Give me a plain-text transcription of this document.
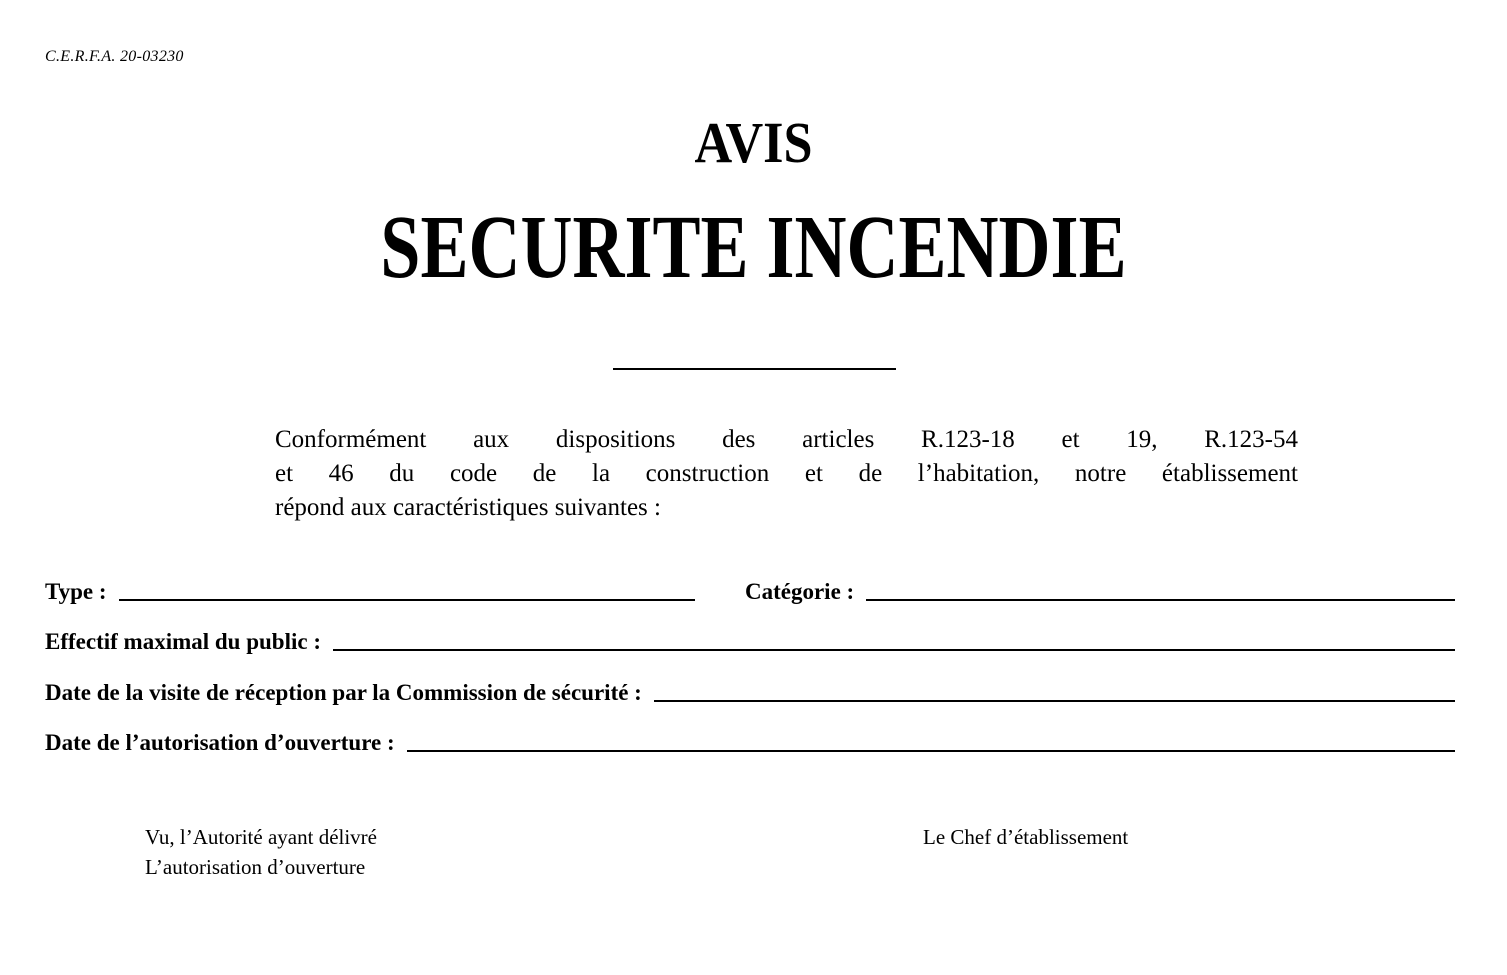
C.E.R.F.A. 20-03230
AVIS
SECURITE INCENDIE
Conformément aux dispositions des articles R.123-18 et 19, R.123-54
et 46 du code de la construction et de l’habitation, notre établissement
répond aux caractéristiques suivantes :
Type :	Catégorie :
Effectif maximal du public :
Date de la visite de réception par la Commission de sécurité :
Date de l’autorisation d’ouverture :
Vu, l’Autorité ayant délivré
L’autorisation d’ouverture
Le Chef d’établissement
